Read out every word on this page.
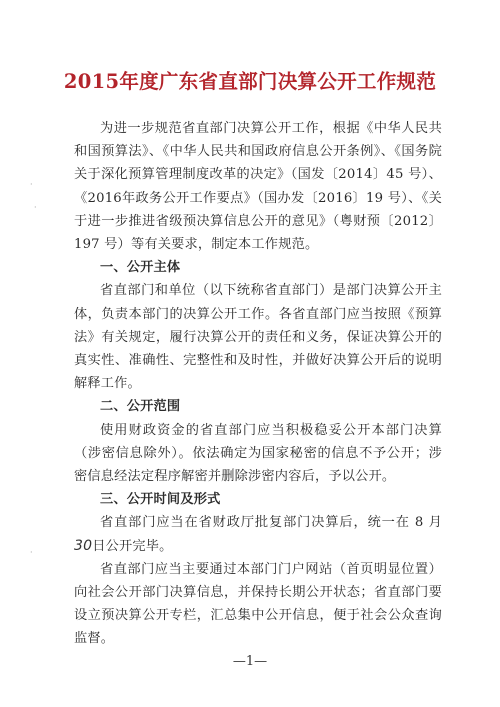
2015年度广东省直部门决算公开工作规范
·
·
·

为进一步规范省直部门决算公开工作，根据《中华人民共和国预算法》、《中华人民共和国政府信息公开条例》、《国务院关于深化预算管理制度改革的决定》（国发〔2014〕45 号）、《2016年政务公开工作要点》（国办发〔2016〕19 号）、《关于进一步推进省级预决算信息公开的意见》（粤财预〔2012〕197 号）等有关要求，制定本工作规范。

一、公开主体

省直部门和单位（以下统称省直部门）是部门决算公开主体，负责本部门的决算公开工作。各省直部门应当按照《预算法》有关规定，履行决算公开的责任和义务，保证决算公开的真实性、准确性、完整性和及时性，并做好决算公开后的说明解释工作。

二、公开范围

使用财政资金的省直部门应当积极稳妥公开本部门决算（涉密信息除外）。依法确定为国家秘密的信息不予公开；涉密信息经法定程序解密并删除涉密内容后，予以公开。

三、公开时间及形式

省直部门应当在省财政厅批复部门决算后，统一在 8 月30日公开完毕。

省直部门应当主要通过本部门门户网站（首页明显位置）向社会公开部门决算信息，并保持长期公开状态；省直部门要设立预决算公开专栏，汇总集中公开信息，便于社会公众查询监督。

—1—
